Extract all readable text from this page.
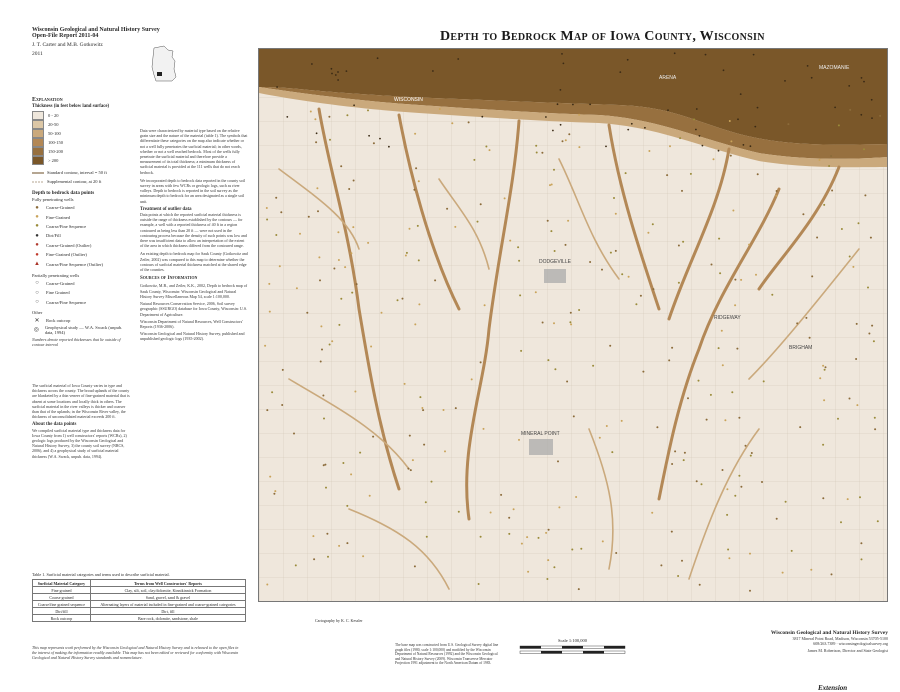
Depth to Bedrock Map of Iowa County, Wisconsin
Wisconsin Geological and Natural History Survey
Open-File Report 2011-04
J. T. Carter and M.B. Gotkowitz
2011
Explanation
Thickness (in feet below land surface)
0 - 20
20-50
50-100
100-150
150-200
> 200
Standard contour, interval = 50 ft
Supplemental contour, at 20 ft
Depth to bedrock data points
Fully penetrating wells
●	Coarse-Grained
●	Fine-Grained
●	Coarse/Fine Sequence
●	Dirt/Fill
●	Coarse-Grained (Outlier)
●	Fine-Grained (Outlier)
▲	Coarse/Fine Sequence (Outlier)
Partially penetrating wells
○	Coarse-Grained
○	Fine Grained
○	Coarse/Fine Sequence
Other
✕	Rock outcrop
◎	Geophysical study — W.A. Swack (unpub. data, 1994)
Numbers denote reported thicknesses that lie outside of contour interval
The surficial material of Iowa County varies in type and thickness across the county. The broad uplands of the county are blanketed by a thin veneer of fine-grained material that is absent at some locations and locally thick in others. The surficial material in the river valleys is thicker and coarser than that of the uplands; in the Wisconsin River valley, the thickness of unconsolidated material exceeds 200 ft.
About the data points
We compiled surficial material type and thickness data for Iowa County from 1) well constructors' reports (WCRs), 2) geologic logs produced by the Wisconsin Geological and Natural History Survey, 3) the county soil survey (NRCS, 2006), and 4) a geophysical study of surficial material thickness (W.A. Swack, unpub. data, 1994).
Data were characterized by material type based on the relative grain size and the nature of the material (table 1). The symbols that differentiate these categories on the map also indicate whether or not a well fully penetrates the surficial material; in other words, whether or not a well reached bedrock. Most of the wells fully penetrate the surficial material and therefore provide a measurement of its total thickness; a minimum thickness of surficial material is provided at the 111 wells that do not reach bedrock.
We incorporated depth to bedrock data reported in the county soil survey in areas with few WCRs or geologic logs, such as river valleys. Depth to bedrock is reported in the soil survey as the minimum depth to bedrock for an area designated as a single soil unit.
Treatment of outlier data
Data points at which the reported surficial material thickness is outside the range of thickness established by the contours — for example, a well with a reported thickness of 40 ft in a region contoured as being less than 20 ft — were not used in the contouring process because the density of such points was low and there was insufficient data to allow an interpretation of the extent of the area in which thickness differed from the contoured range.
An existing depth to bedrock map for Sauk County (Gotkowitz and Zeiler, 2002) was compared to this map to determine whether the contours of surficial material thickness matched at the shared edge of the counties.
Sources of Information
Gotkowitz, M.B., and Zeiler, K.K., 2002, Depth to bedrock map of Sauk County, Wisconsin: Wisconsin Geological and Natural History Survey Miscellaneous Map 54, scale 1:100,000.
Natural Resources Conservation Service, 2006, Soil survey geographic (SSURGO) database for Iowa County, Wisconsin: U.S. Department of Agriculture.
Wisconsin Department of Natural Resources, Well Constructors' Reports (1936-2006).
Wisconsin Geological and Natural History Survey, published and unpublished geologic logs (1935-2002).
WISCONSIN
DODGEVILLE
MINERAL POINT
RIDGEWAY
BRIGHAM
ARENA
MAZOMANIE
Table 1. Surficial material categories and terms used to describe surficial material.
Surficial Material Category	Terms from Well Constructors' Reports
Fine grained	Clay, silt, soil, clay/dolomite, Kinnikinnick Formation
Coarse grained	Sand, gravel, sand & gravel
Coarse/fine grained sequence	Alternating layers of material included in fine-grained and coarse-grained categories
Dirt/fill	Dirt, fill
Rock outcrop	Bare rock, dolomite, sandstone, shale	Cartography by K. C. Kessler
This map represents work performed by the Wisconsin Geological and Natural History Survey and is released to the open files in the interest of making the information readily available. This map has not been edited or reviewed for conformity with Wisconsin Geological and Natural History Survey standards and nomenclature.
The base map was constructed from U.S. Geological Survey digital line graph files (1980, scale 1:100,000) and modified by the Wisconsin Department of Natural Resources (1992) and the Wisconsin Geological and Natural History Survey (2009). Wisconsin Transverse Mercator Projection 1991 adjustment to the North American Datum of 1983.
Scale 1:100,000
Wisconsin Geological and Natural History Survey
3817 Mineral Point Road, Madison, Wisconsin 53705-5100
608/263.7389 · wisconsingeologicalsurvey.org
James M. Robertson, Director and State Geologist
Extension
